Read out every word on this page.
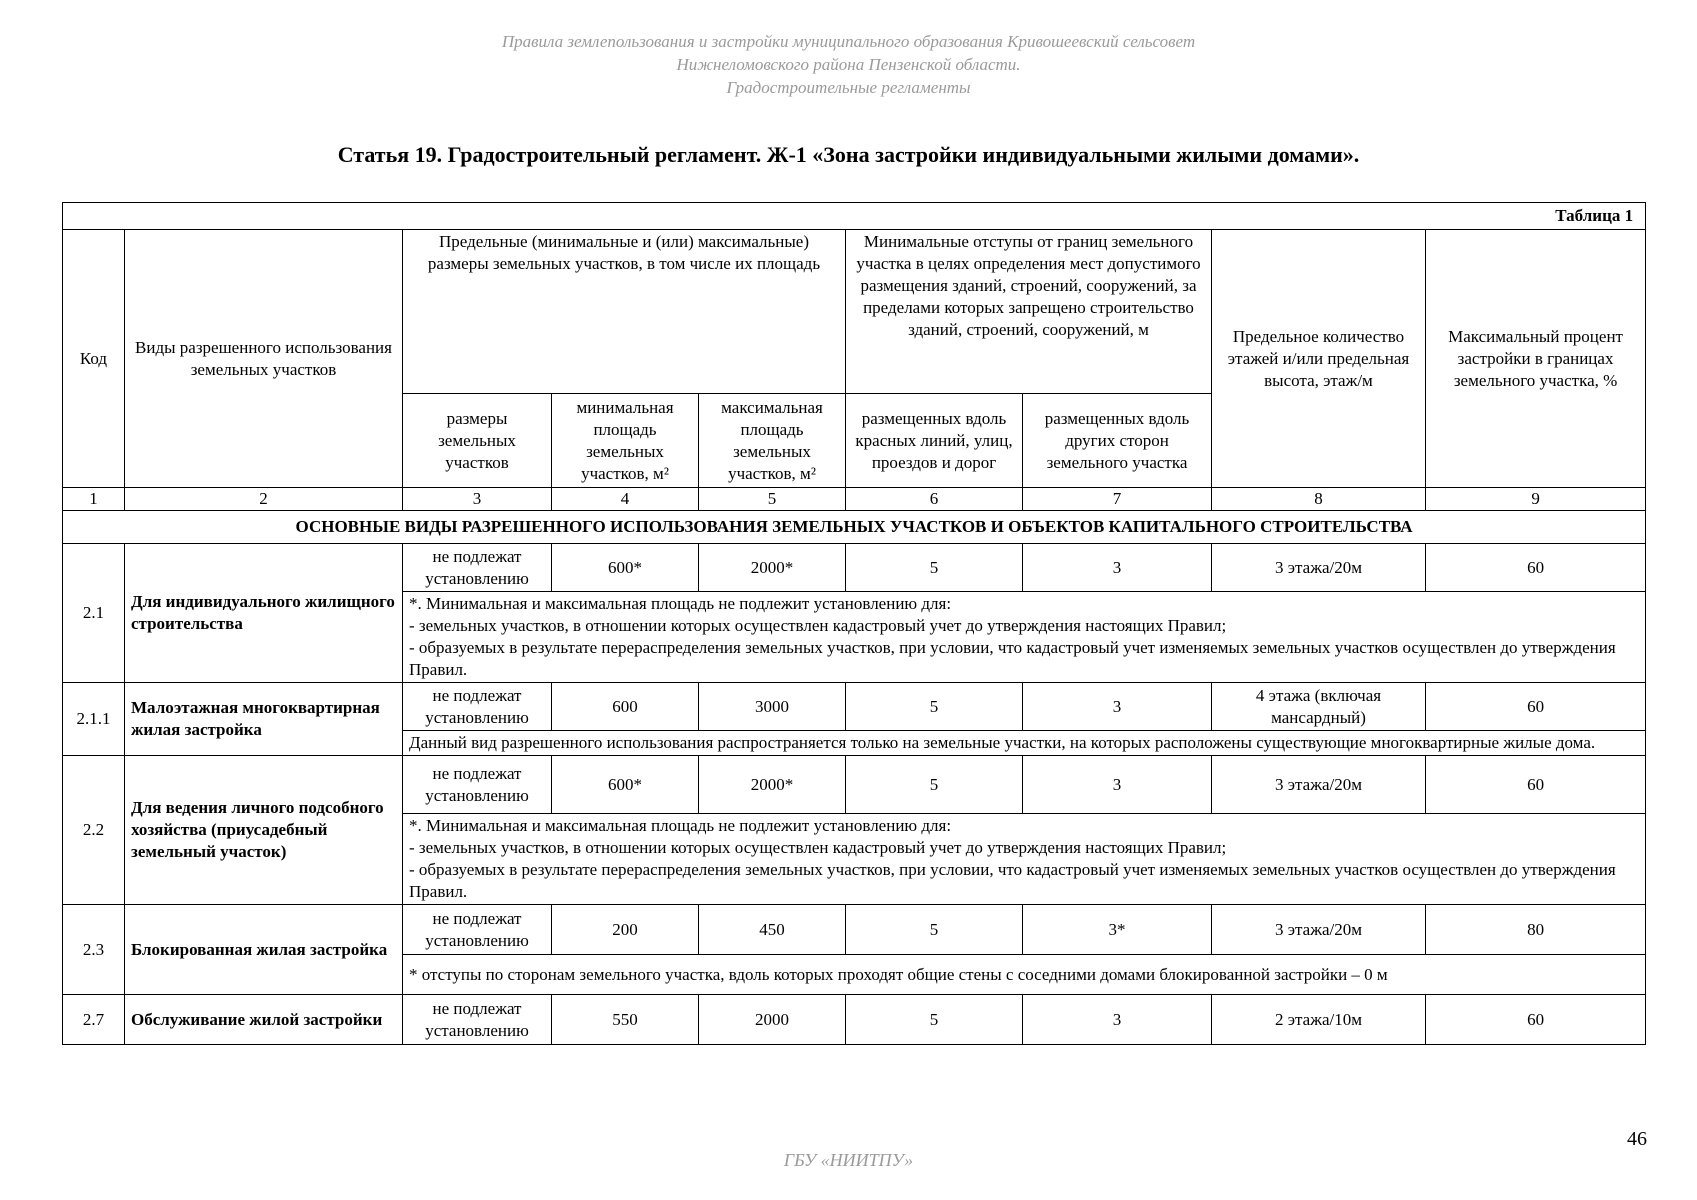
Правила землепользования и застройки муниципального образования Кривошеевский сельсовет
Нижнеломовского района Пензенской области.
Градостроительные регламенты
Статья 19. Градостроительный регламент. Ж-1 «Зона застройки индивидуальными жилыми домами».
Таблица 1								
Код	Виды разрешенного использования земельных участков	Предельные (минимальные и (или) максимальные) размеры земельных участков, в том числе их площадь			Минимальные отступы от границ земельного участка в целях определения мест допустимого размещения зданий, строений, сооружений, за пределами которых запрещено строительство зданий, строений, сооружений, м		Предельное количество этажей и/или предельная высота, этаж/м	Максимальный процент застройки в границах земельного участка, %
		размеры земельных участков	минимальная площадь земельных участков, м²	максимальная площадь земельных участков, м²	размещенных вдоль красных линий, улиц, проездов и дорог	размещенных вдоль других сторон земельного участка		
1	2	3	4	5	6	7	8	9
ОСНОВНЫЕ ВИДЫ РАЗРЕШЕННОГО ИСПОЛЬЗОВАНИЯ ЗЕМЕЛЬНЫХ УЧАСТКОВ И ОБЪЕКТОВ КАПИТАЛЬНОГО СТРОИТЕЛЬСТВА								
2.1	Для индивидуального жилищного строительства	не подлежат установлению	600*	2000*	5	3	3 этажа/20м	60

		*. Минимальная и максимальная площадь не подлежит установлению для:
- земельных участков, в отношении которых осуществлен кадастровый учет до утверждения настоящих Правил;
- образуемых в результате перераспределения земельных участков, при условии, что кадастровый учет изменяемых земельных участков осуществлен до утверждения Правил.						

2.1.1	Малоэтажная многоквартирная жилая застройка	не подлежат установлению	600	3000	5	3	4 этажа (включая мансардный)	60

		Данный вид разрешенного использования распространяется только на земельные участки, на которых расположены существующие многоквартирные жилые дома.						

2.2	Для ведения личного подсобного хозяйства (приусадебный земельный участок)	не подлежат установлению	600*	2000*	5	3	3 этажа/20м	60

		*. Минимальная и максимальная площадь не подлежит установлению для:
- земельных участков, в отношении которых осуществлен кадастровый учет до утверждения настоящих Правил;
- образуемых в результате перераспределения земельных участков, при условии, что кадастровый учет изменяемых земельных участков осуществлен до утверждения Правил.						

2.3	Блокированная жилая застройка	не подлежат установлению	200	450	5	3*	3 этажа/20м	80

		* отступы по сторонам земельного участка, вдоль которых проходят общие стены с соседними домами блокированной застройки – 0 м						

2.7	Обслуживание жилой застройки	не подлежат установлению	550	2000	5	3	2 этажа/10м	60
46
ГБУ «НИИТПУ»
